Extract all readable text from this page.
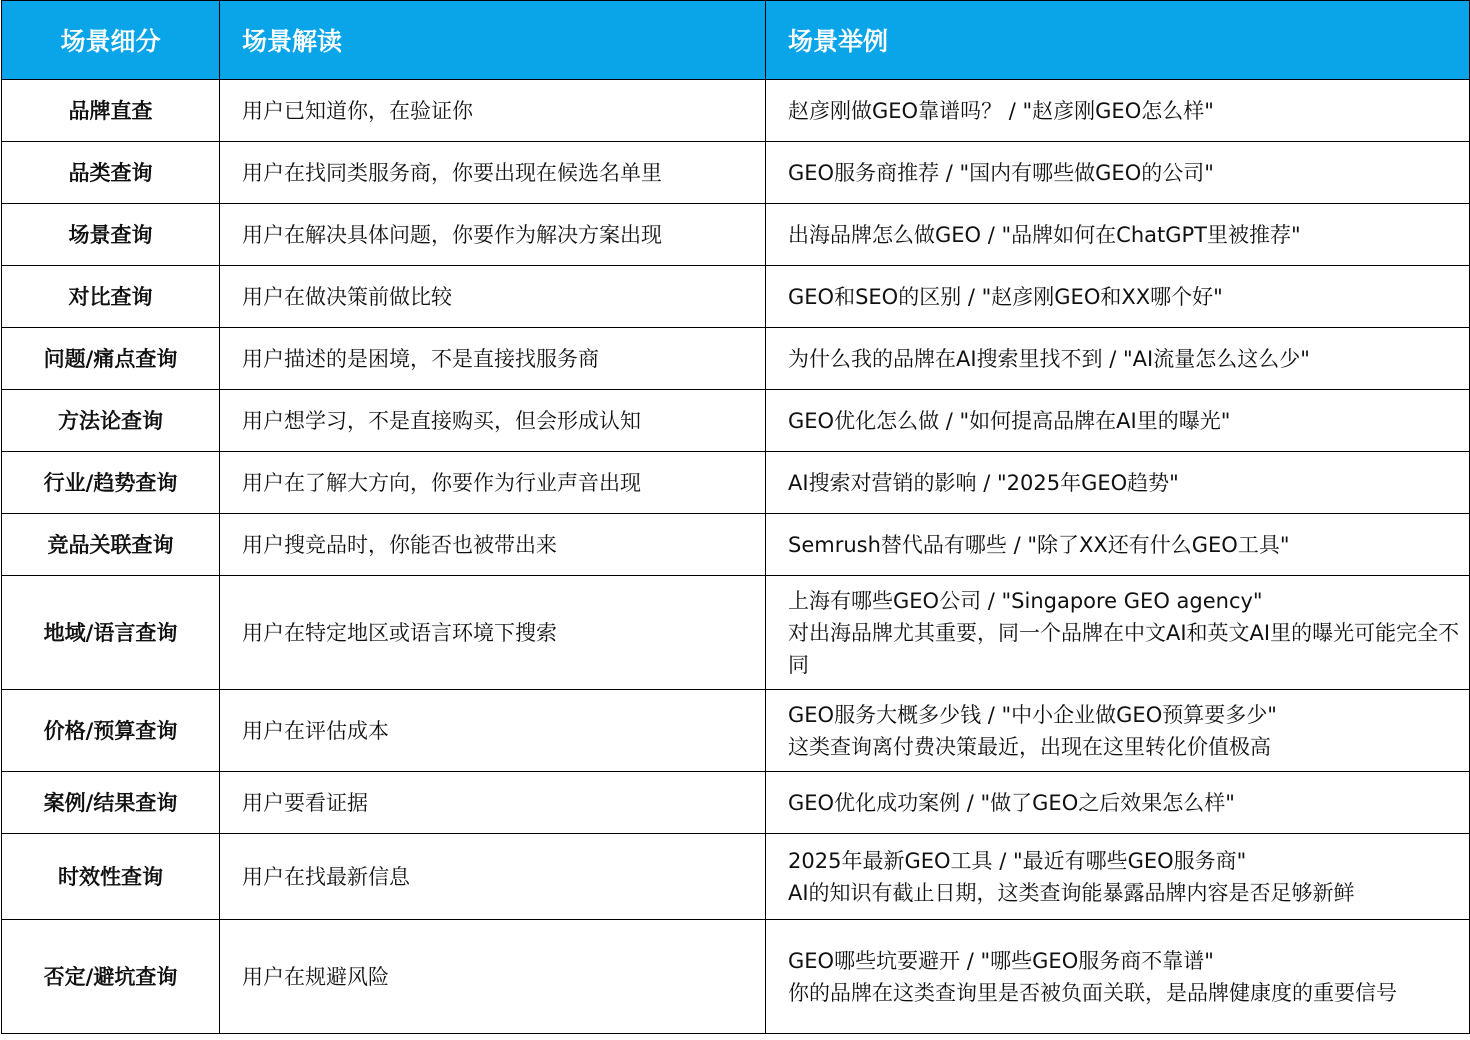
场景细分	场景解读	场景举例
品牌直查	用户已知道你，在验证你	赵彦刚做GEO靠谱吗？ / "赵彦刚GEO怎么样"

品类查询	用户在找同类服务商，你要出现在候选名单里	GEO服务商推荐 / "国内有哪些做GEO的公司"

场景查询	用户在解决具体问题，你要作为解决方案出现	出海品牌怎么做GEO / "品牌如何在ChatGPT里被推荐"

对比查询	用户在做决策前做比较	GEO和SEO的区别 / "赵彦刚GEO和XX哪个好"

问题/痛点查询	用户描述的是困境，不是直接找服务商	为什么我的品牌在AI搜索里找不到 / "AI流量怎么这么少"

方法论查询	用户想学习，不是直接购买，但会形成认知	GEO优化怎么做 / "如何提高品牌在AI里的曝光"

行业/趋势查询	用户在了解大方向，你要作为行业声音出现	AI搜索对营销的影响 / "2025年GEO趋势"

竞品关联查询	用户搜竞品时，你能否也被带出来	Semrush替代品有哪些 / "除了XX还有什么GEO工具"

地域/语言查询	用户在特定地区或语言环境下搜索	上海有哪些GEO公司 / "Singapore GEO agency"
对出海品牌尤其重要，同一个品牌在中文AI和英文AI里的曝光可能完全不同

价格/预算查询	用户在评估成本	GEO服务大概多少钱 / "中小企业做GEO预算要多少"
这类查询离付费决策最近，出现在这里转化价值极高

案例/结果查询	用户要看证据	GEO优化成功案例 / "做了GEO之后效果怎么样"

时效性查询	用户在找最新信息	2025年最新GEO工具 / "最近有哪些GEO服务商"
AI的知识有截止日期，这类查询能暴露品牌内容是否足够新鲜

否定/避坑查询	用户在规避风险	GEO哪些坑要避开 / "哪些GEO服务商不靠谱"
你的品牌在这类查询里是否被负面关联，是品牌健康度的重要信号
